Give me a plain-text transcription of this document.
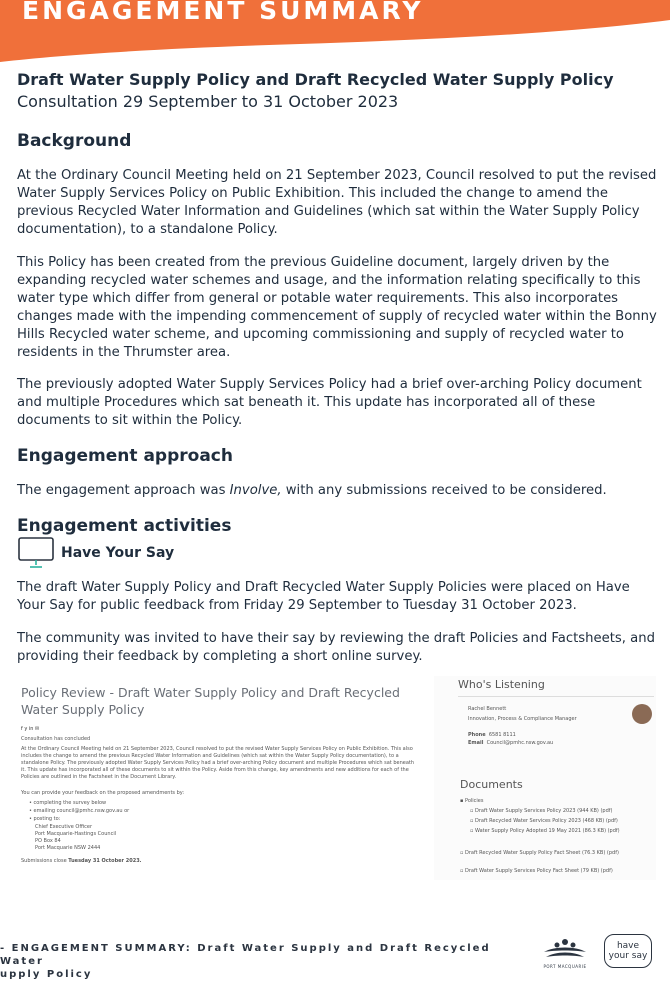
ENGAGEMENT SUMMARY
Draft Water Supply Policy and Draft Recycled Water Supply Policy
Consultation 29 September to 31 October 2023
Background

At the Ordinary Council Meeting held on 21 September 2023, Council resolved to put the revised Water Supply Services Policy on Public Exhibition. This included the change to amend the previous Recycled Water Information and Guidelines (which sat within the Water Supply Policy documentation), to a standalone Policy.

This Policy has been created from the previous Guideline document, largely driven by the expanding recycled water schemes and usage, and the information relating specifically to this water type which differ from general or potable water requirements. This also incorporates changes made with the impending commencement of supply of recycled water within the Bonny Hills Recycled water scheme, and upcoming commissioning and supply of recycled water to residents in the Thrumster area.

The previously adopted Water Supply Services Policy had a brief over-arching Policy document and multiple Procedures which sat beneath it. This update has incorporated all of these documents to sit within the Policy.

Engagement approach

The engagement approach was Involve, with any submissions received to be considered.

Engagement activities
Have Your Say

The draft Water Supply Policy and Draft Recycled Water Supply Policies were placed on Have Your Say for public feedback from Friday 29 September to Tuesday 31 October 2023.

The community was invited to have their say by reviewing the draft Policies and Factsheets, and providing their feedback by completing a short online survey.

Policy Review - Draft Water Supply Policy and Draft Recycled Water Supply Policy
f y in ✉
Consultation has concluded
At the Ordinary Council Meeting held on 21 September 2023, Council resolved to put the revised Water Supply Services Policy on Public Exhibition. This also includes the change to amend the previous Recycled Water Information and Guidelines (which sat within the Water Supply Policy documentation), to a standalone Policy. The previously adopted Water Supply Services Policy had a brief over-arching Policy document and multiple Procedures which sat beneath it. This update has incorporated all of these documents to sit within the Policy. Aside from this change, key amendments and new additions for each of the Policies are outlined in the Factsheet in the Document Library.
You can provide your feedback on the proposed amendments by:
• completing the survey below
• emailing council@pmhc.nsw.gov.au or
• posting to:
Chief Executive Officer
Port Macquarie-Hastings Council
PO Box 84
Port Macquarie NSW 2444
Submissions close Tuesday 31 October 2023.
Who's Listening
Rachel Bennett
Innovation, Process & Compliance Manager
Phone 6581 8111
Email Council@pmhc.nsw.gov.au
Documents
▪ Policies
▫ Draft Water Supply Services Policy 2023 (944 KB) (pdf)
▫ Draft Recycled Water Services Policy 2023 (468 KB) (pdf)
▫ Water Supply Policy Adopted 19 May 2021 (86.3 KB) (pdf)
▫ Draft Recycled Water Supply Policy Fact Sheet (76.3 KB) (pdf)
▫ Draft Water Supply Services Policy Fact Sheet (79 KB) (pdf)
- ENGAGEMENT SUMMARY: Draft Water Supply and Draft Recycled Water
upply Policy
PORT MACQUARIE
have
your say
